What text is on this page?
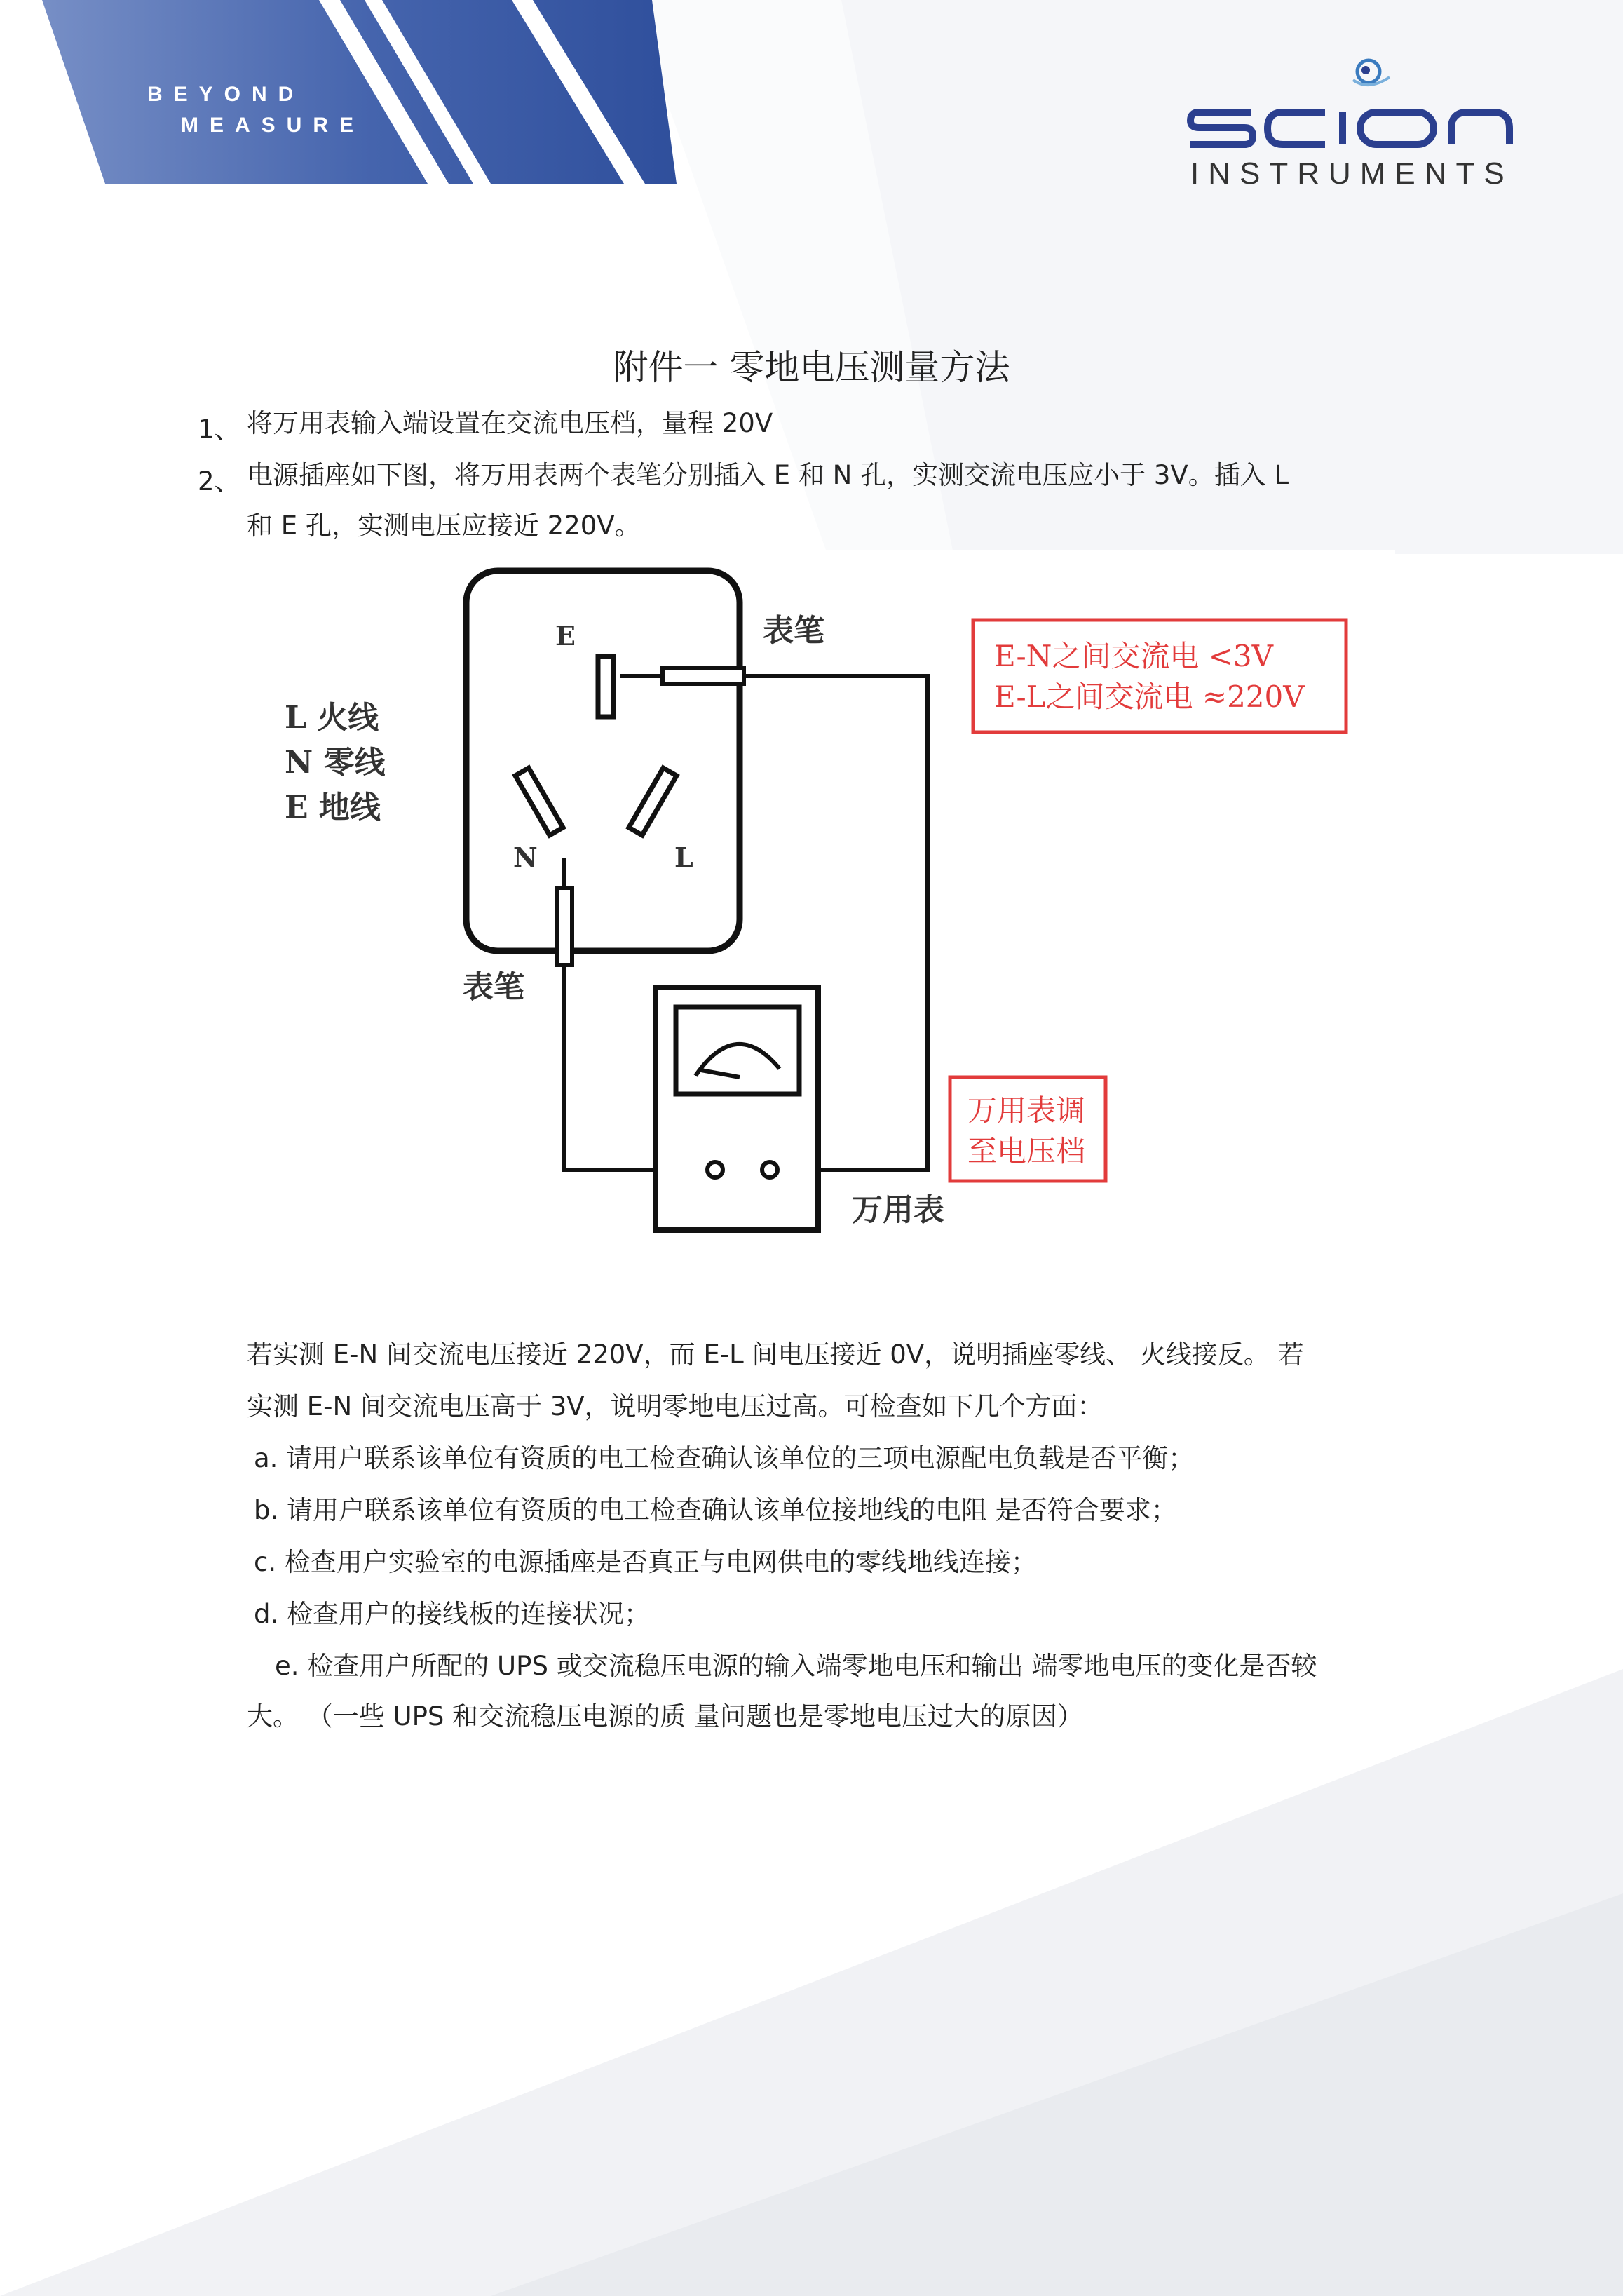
BEYOND
MEASURE
INSTRUMENTS
附件一 零地电压测量方法
1、 将万用表输入端设置在交流电压档，量程 20V
2、 电源插座如下图，将万用表两个表笔分别插入 E 和 N 孔，实测交流电压应小于 3V。插入 L
和 E 孔，实测电压应接近 220V。
若实测 E-N 间交流电压接近 220V，而 E-L 间电压接近 0V，说明插座零线、 火线接反。 若
实测 E-N 间交流电压高于 3V，说明零地电压过高。可检查如下几个方面：
a. 请用户联系该单位有资质的电工检查确认该单位的三项电源配电负载是否平衡；
b. 请用户联系该单位有资质的电工检查确认该单位接地线的电阻 是否符合要求；
c. 检查用户实验室的电源插座是否真正与电网供电的零线地线连接；
d. 检查用户的接线板的连接状况；
e. 检查用户所配的 UPS 或交流稳压电源的输入端零地电压和输出 端零地电压的变化是否较
大。 （一些 UPS 和交流稳压电源的质 量问题也是零地电压过大的原因）
L 火线
N 零线
E 地线
E
N	L
表笔
表笔
万用表
E-N之间交流电 <3V
E-L之间交流电 ≈220V
万用表调
至电压档
